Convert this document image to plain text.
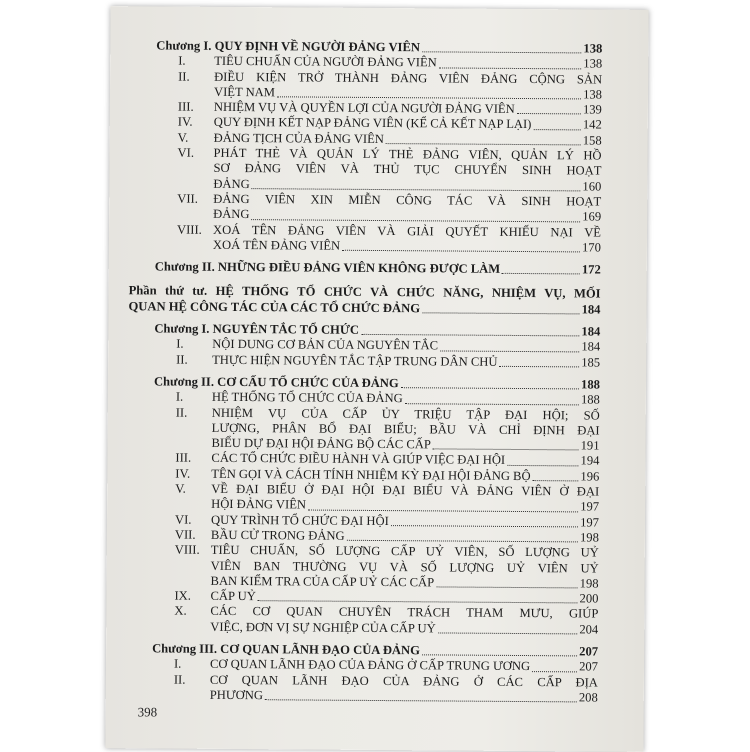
Chương I. QUY ĐỊNH VỀ NGƯỜI ĐẢNG VIÊN	138
I.	TIÊU CHUẨN CỦA NGƯỜI ĐẢNG VIÊN	138
II.	ĐIỀU KIỆN TRỞ THÀNH ĐẢNG VIÊN ĐẢNG CỘNG SẢN
VIỆT NAM	138
III.	NHIỆM VỤ VÀ QUYỀN LỢI CỦA NGƯỜI ĐẢNG VIÊN	139
IV.	QUY ĐỊNH KẾT NẠP ĐẢNG VIÊN (KỂ CẢ KẾT NẠP LẠI)	142
V.	ĐẢNG TỊCH CỦA ĐẢNG VIÊN	158
VI.	PHÁT THẺ VÀ QUẢN LÝ THẺ ĐẢNG VIÊN, QUẢN LÝ HỒ
SƠ ĐẢNG VIÊN VÀ THỦ TỤC CHUYỂN SINH HOẠT
ĐẢNG	160
VII.	ĐẢNG VIÊN XIN MIỄN CÔNG TÁC VÀ SINH HOẠT
ĐẢNG	169
VIII. XOÁ TÊN ĐẢNG VIÊN VÀ GIẢI QUYẾT KHIẾU NẠI VỀ
XOÁ TÊN ĐẢNG VIÊN	170
Chương II. NHỮNG ĐIỀU ĐẢNG VIÊN KHÔNG ĐƯỢC LÀM	172
Phần thứ tư. HỆ THỐNG TỔ CHỨC VÀ CHỨC NĂNG, NHIỆM VỤ, MỐI
QUAN HỆ CÔNG TÁC CỦA CÁC TỔ CHỨC ĐẢNG	184
Chương I. NGUYÊN TẮC TỔ CHỨC	184
I.	NỘI DUNG CƠ BẢN CỦA NGUYÊN TẮC	184
II.	THỰC HIỆN NGUYÊN TẮC TẬP TRUNG DÂN CHỦ	185
Chương II. CƠ CẤU TỔ CHỨC CỦA ĐẢNG	188
I.	HỆ THỐNG TỔ CHỨC CỦA ĐẢNG	188
II.	NHIỆM VỤ CỦA CẤP ỦY TRIỆU TẬP ĐẠI HỘI; SỐ
LƯỢNG, PHÂN BỔ ĐẠI BIỂU; BẦU VÀ CHỈ ĐỊNH ĐẠI
BIỂU DỰ ĐẠI HỘI ĐẢNG BỘ CÁC CẤP	191
III.	CÁC TỔ CHỨC ĐIỀU HÀNH VÀ GIÚP VIỆC ĐẠI HỘI	194
IV.	TÊN GỌI VÀ CÁCH TÍNH NHIỆM KỲ ĐẠI HỘI ĐẢNG BỘ	196
V.	VỀ ĐẠI BIỂU Ở ĐẠI HỘI ĐẠI BIỂU VÀ ĐẢNG VIÊN Ở ĐẠI
HỘI ĐẢNG VIÊN	197
VI.	QUY TRÌNH TỔ CHỨC ĐẠI HỘI	197
VII.	BẦU CỬ TRONG ĐẢNG	198
VIII. TIÊU CHUẨN, SỐ LƯỢNG CẤP UỶ VIÊN, SỐ LƯỢNG UỶ
VIÊN BAN THƯỜNG VỤ VÀ SỐ LƯỢNG UỶ VIÊN UỶ
BAN KIỂM TRA CỦA CẤP UỶ CÁC CẤP	198
IX.	CẤP UỶ	200
X.	CÁC CƠ QUAN CHUYÊN TRÁCH THAM MƯU, GIÚP
VIỆC, ĐƠN VỊ SỰ NGHIỆP CỦA CẤP UỶ	204
Chương III. CƠ QUAN LÃNH ĐẠO CỦA ĐẢNG	207
I.	CƠ QUAN LÃNH ĐẠO CỦA ĐẢNG Ở CẤP TRUNG ƯƠNG	207
II.	CƠ QUAN LÃNH ĐẠO CỦA ĐẢNG Ở CÁC CẤP ĐỊA
PHƯƠNG	208
398
